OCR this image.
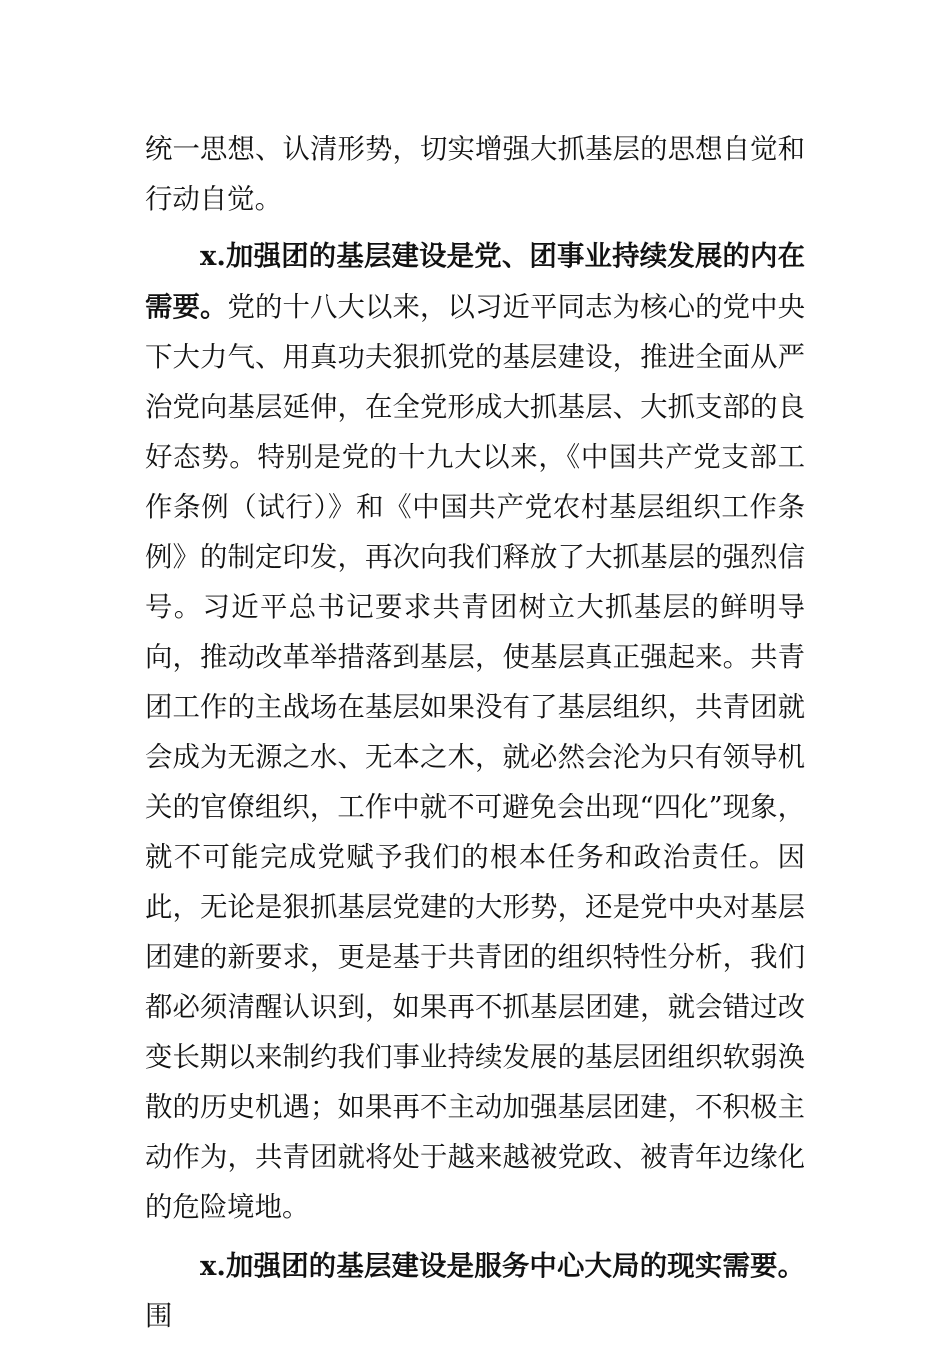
统一思想、认清形势，切实增强大抓基层的思想自觉和行动自觉。

x.加强团的基层建设是党、团事业持续发展的内在需要。党的十八大以来，以习近平同志为核心的党中央下大力气、用真功夫狠抓党的基层建设，推进全面从严治党向基层延伸，在全党形成大抓基层、大抓支部的良好态势。特别是党的十九大以来，《中国共产党支部工作条例（试行）》和《中国共产党农村基层组织工作条例》的制定印发，再次向我们释放了大抓基层的强烈信号。习近平总书记要求共青团树立大抓基层的鲜明导向，推动改革举措落到基层，使基层真正强起来。共青团工作的主战场在基层如果没有了基层组织，共青团就会成为无源之水、无本之木，就必然会沦为只有领导机关的官僚组织，工作中就不可避免会出现“四化”现象，就不可能完成党赋予我们的根本任务和政治责任。因此，无论是狠抓基层党建的大形势，还是党中央对基层团建的新要求，更是基于共青团的组织特性分析，我们都必须清醒认识到，如果再不抓基层团建，就会错过改变长期以来制约我们事业持续发展的基层团组织软弱涣散的历史机遇；如果再不主动加强基层团建，不积极主动作为，共青团就将处于越来越被党政、被青年边缘化的危险境地。

x.加强团的基层建设是服务中心大局的现实需要。围
